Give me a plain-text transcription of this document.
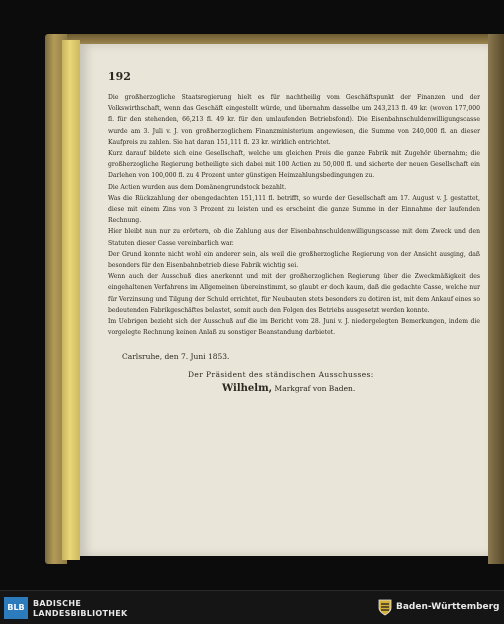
192

Die großherzogliche Staatsregierung hielt es für nachtheilig vom Geschäftspunkt der Finanzen und der Volkswirthschaft, wenn das Geschäft eingestellt würde, und übernahm dasselbe um 243,213 fl. 49 kr. (wovon 177,000 fl. für den stehenden, 66,213 fl. 49 kr. für den umlaufenden Betriebsfond). Die Eisenbahnschuldenwilligungscasse wurde am 3. Juli v. J. von großherzoglichem Finanzministerium angewiesen, die Summe von 240,000 fl. an dieser Kaufpreis zu zahlen. Sie hat daran 151,111 fl. 23 kr. wirklich entrichtet.

Kurz darauf bildete sich eine Gesellschaft, welche um gleichen Preis die ganze Fabrik mit Zugehör übernahm; die großherzogliche Regierung betheiligte sich dabei mit 100 Actien zu 50,000 fl. und sicherte der neuen Gesellschaft ein Darlehen von 100,000 fl. zu 4 Prozent unter günstigen Heimzahlungsbedingungen zu.

Die Actien wurden aus dem Domänengrundstock bezahlt.

Was die Rückzahlung der obengedachten 151,111 fl. betrifft, so wurde der Gesellschaft am 17. August v. J. gestattet, diese mit einem Zins von 3 Prozent zu leisten und es erscheint die ganze Summe in der Einnahme der laufenden Rechnung.

Hier bleibt nun nur zu erörtern, ob die Zahlung aus der Eisenbahnschuldenwilligungscasse mit dem Zweck und den Statuten dieser Casse vereinbarlich war.

Der Grund konnte nicht wohl ein anderer sein, als weil die großherzogliche Regierung von der Ansicht ausging, daß besonders für den Eisenbahnbetrieb diese Fabrik wichtig sei.

Wenn auch der Ausschuß dies anerkennt und mit der großherzoglichen Regierung über die Zweckmäßigkeit des eingehaltenen Verfahrens im Allgemeinen übereinstimmt, so glaubt er doch kaum, daß die gedachte Casse, welche nur für Verzinsung und Tilgung der Schuld errichtet, für Neubauten stets besonders zu dotiren ist, mit dem Ankauf eines so bedeutenden Fabrikgeschäftes belastet, somit auch den Folgen des Betriebs ausgesetzt werden konnte.

Im Uebrigen bezieht sich der Ausschuß auf die im Bericht vom 28. Juni v. J. niedergelegten Bemerkungen, indem die vorgelegte Rechnung keinen Anlaß zu sonstiger Beanstandung darbietet.

Carlsruhe, den 7. Juni 1853.
Der Präsident des ständischen Ausschusses:
Wilhelm, Markgraf von Baden.
BLB	BADISCHE
LANDESBIBLIOTHEK
Baden-Württemberg
